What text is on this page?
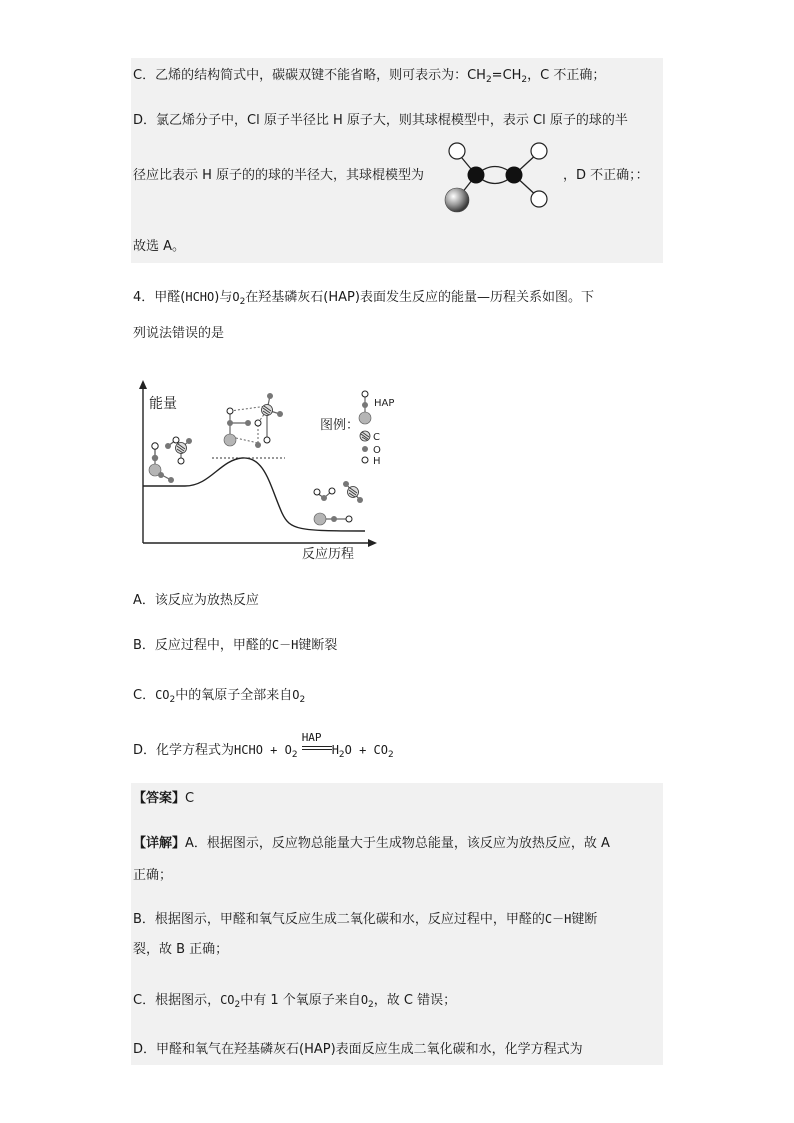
C．乙烯的结构简式中，碳碳双键不能省略，则可表示为：$CH_2=CH_2$，C 不正确；
D．氯乙烯分子中，Cl 原子半径比 H 原子大，则其球棍模型中，表示 Cl 原子的球的半
径应比表示 H 原子的的球的半径大，其球棍模型为	，D 不正确；：
故选 A。
4．甲醛(HCHO)与$O_2$在羟基磷灰石(HAP)表面发生反应的能量—历程关系如图。下
列说法错误的是
能量
反应历程
HAP
图例：
C
O
H
A．该反应为放热反应
B．反应过程中，甲醛的C－H键断裂
C．$CO_2$中的氧原子全部来自$O_2$
D．化学方程式为HCHO + $O_2$
HAP
$H_2O + CO_2$
【答案】C
【详解】A．根据图示，反应物总能量大于生成物总能量，该反应为放热反应，故 A
正确；
B．根据图示，甲醛和氧气反应生成二氧化碳和水，反应过程中，甲醛的C－H键断
裂，故 B 正确；
C．根据图示，$CO_2$中有 1 个氧原子来自$O_2$，故 C 错误；
D．甲醛和氧气在羟基磷灰石(HAP)表面反应生成二氧化碳和水，化学方程式为
